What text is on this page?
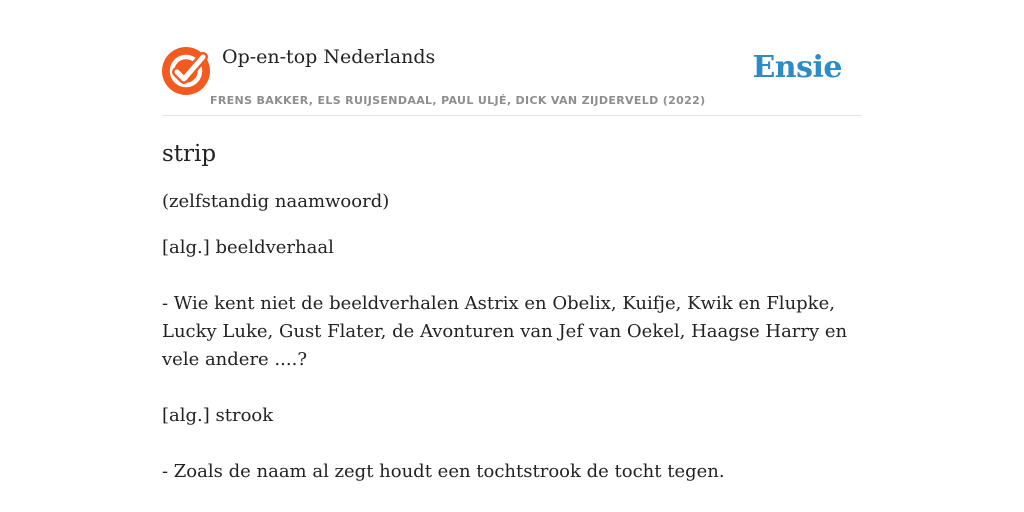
Op-en-top Nederlands
FRENS BAKKER, ELS RUIJSENDAAL, PAUL ULJÉ, DICK VAN ZIJDERVELD (2022)
Ensie
strip

(zelfstandig naamwoord)

[alg.] beeldverhaal

- Wie kent niet de beeldverhalen Astrix en Obelix, Kuifje, Kwik en Flupke, Lucky Luke, Gust Flater, de Avonturen van Jef van Oekel, Haagse Harry en vele andere ....?

[alg.] strook

- Zoals de naam al zegt houdt een tochtstrook de tocht tegen.
